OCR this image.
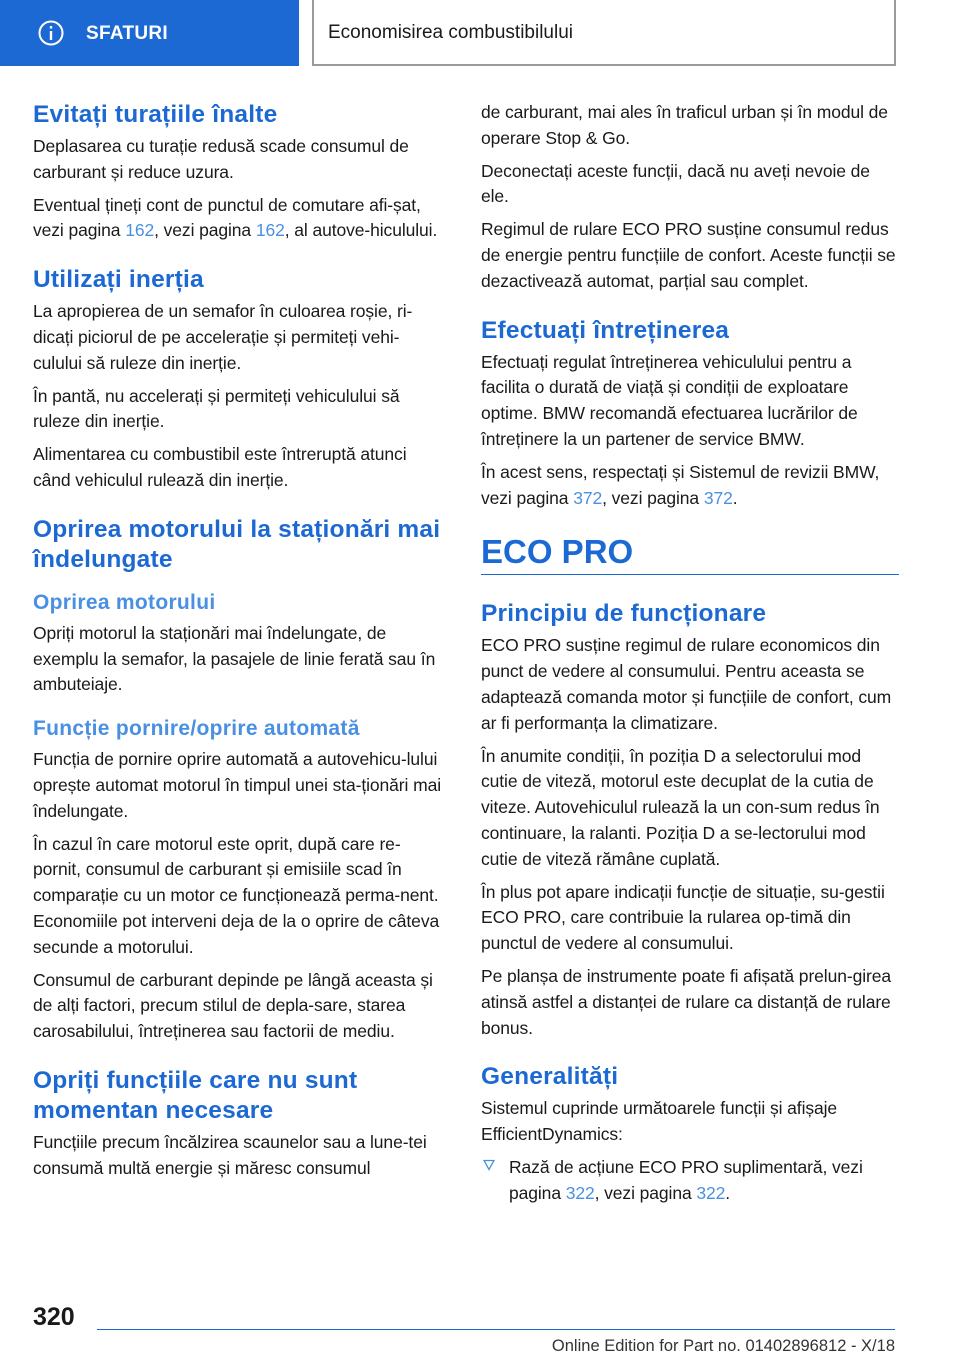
SFATURI	Economisirea combustibilului
Evitați turațiile înalte
Deplasarea cu turație redusă scade consumul de carburant și reduce uzura.
Eventual țineți cont de punctul de comutare afi-șat, vezi pagina 162, vezi pagina 162, al autove-hiculului.
Utilizați inerția
La apropierea de un semafor în culoarea roșie, ri-dicați piciorul de pe accelerație și permiteți vehi-culului să ruleze din inerție.
În pantă, nu accelerați și permiteți vehiculului să ruleze din inerție.
Alimentarea cu combustibil este întreruptă atunci când vehiculul rulează din inerție.
Oprirea motorului la staționări mai îndelungate
Oprirea motorului
Opriți motorul la staționări mai îndelungate, de exemplu la semafor, la pasajele de linie ferată sau în ambuteiaje.
Funcție pornire/oprire automată
Funcția de pornire oprire automată a autovehicu-lului oprește automat motorul în timpul unei sta-ționări mai îndelungate.
În cazul în care motorul este oprit, după care re-pornit, consumul de carburant și emisiile scad în comparație cu un motor ce funcționează perma-nent. Economiile pot interveni deja de la o oprire de câteva secunde a motorului.
Consumul de carburant depinde pe lângă aceasta și de alți factori, precum stilul de depla-sare, starea carosabilului, întreținerea sau factorii de mediu.
Opriți funcțiile care nu sunt momentan necesare
Funcțiile precum încălzirea scaunelor sau a lune-tei consumă multă energie și măresc consumul
de carburant, mai ales în traficul urban și în modul de operare Stop & Go.
Deconectați aceste funcții, dacă nu aveți nevoie de ele.
Regimul de rulare ECO PRO susține consumul redus de energie pentru funcțiile de confort. Aceste funcții se dezactivează automat, parțial sau complet.
Efectuați întreținerea
Efectuați regulat întreținerea vehiculului pentru a facilita o durată de viață și condiții de exploatare optime. BMW recomandă efectuarea lucrărilor de întreținere la un partener de service BMW.
În acest sens, respectați și Sistemul de revizii BMW, vezi pagina 372, vezi pagina 372.
ECO PRO
Principiu de funcționare
ECO PRO susține regimul de rulare economicos din punct de vedere al consumului. Pentru aceasta se adaptează comanda motor și funcțiile de confort, cum ar fi performanța la climatizare.
În anumite condiții, în poziția D a selectorului mod cutie de viteză, motorul este decuplat de la cutia de viteze. Autovehiculul rulează la un con-sum redus în continuare, la ralanti. Poziția D a se-lectorului mod cutie de viteză rămâne cuplată.
În plus pot apare indicații funcție de situație, su-gestii ECO PRO, care contribuie la rularea op-timă din punctul de vedere al consumului.
Pe planșa de instrumente poate fi afișată prelun-girea atinsă astfel a distanței de rulare ca distanță de rulare bonus.
Generalități
Sistemul cuprinde următoarele funcții și afișaje EfficientDynamics:
Rază de acțiune ECO PRO suplimentară, vezi pagina 322, vezi pagina 322.
320
Online Edition for Part no. 01402896812 - X/18
